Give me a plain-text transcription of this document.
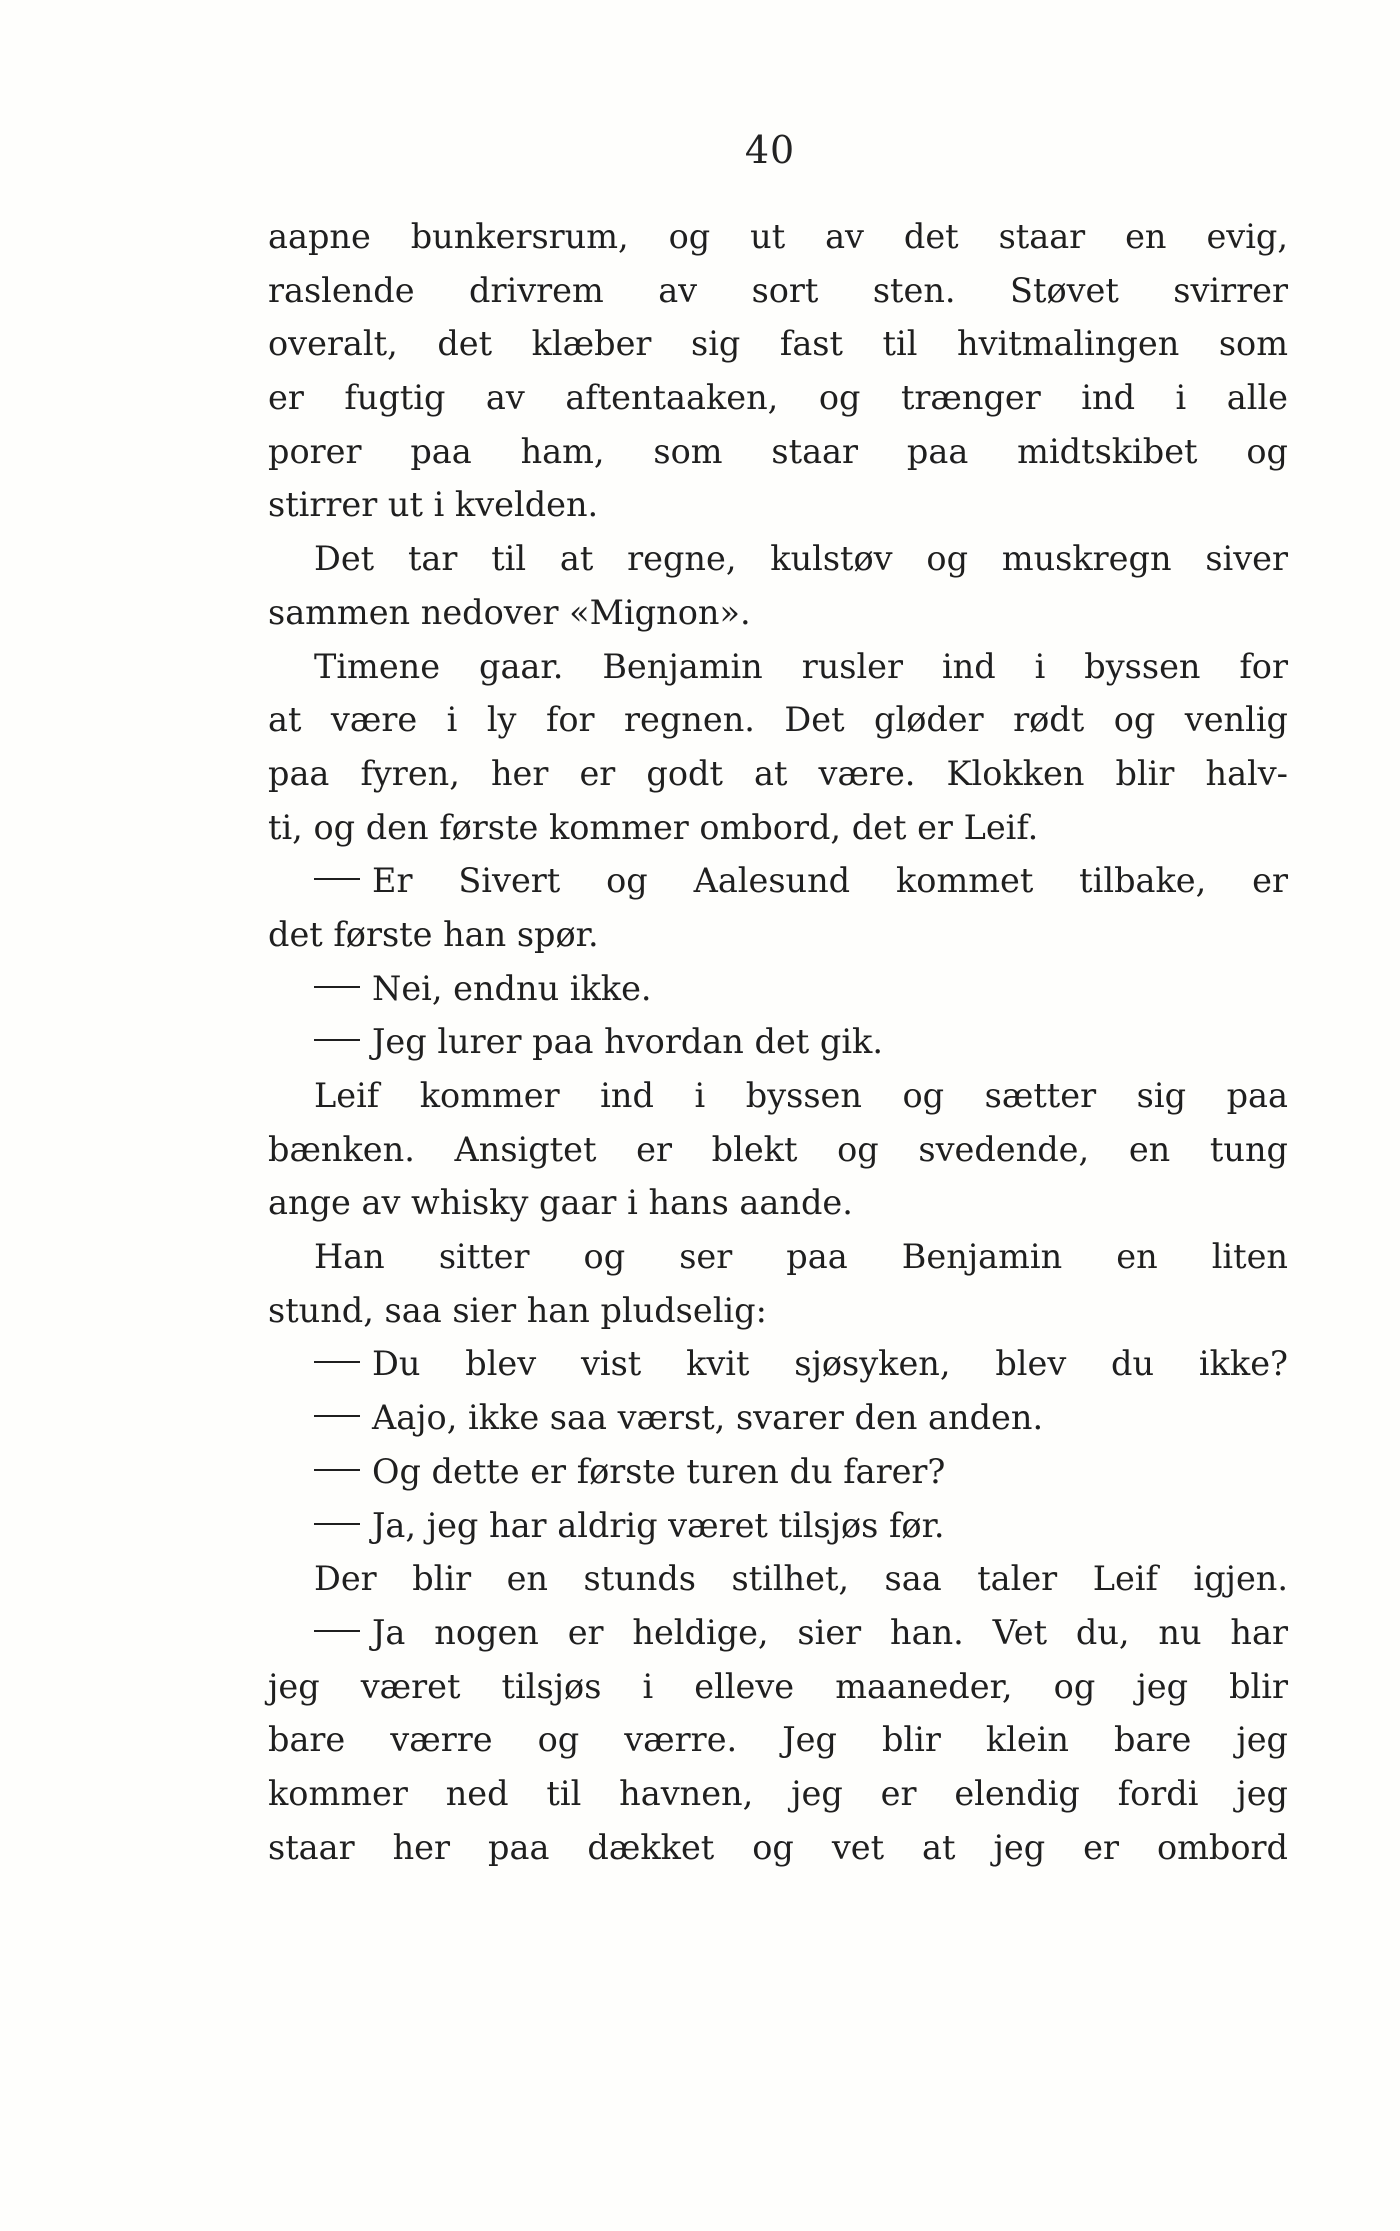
40
aapne bunkersrum, og ut av det staar en evig,
raslende drivrem av sort sten. Støvet svirrer
overalt, det klæber sig fast til hvitmalingen som
er fugtig av aftentaaken, og trænger ind i alle
porer paa ham, som staar paa midtskibet og
stirrer ut i kvelden.
Det tar til at regne, kulstøv og muskregn siver
sammen nedover «Mignon».
Timene gaar. Benjamin rusler ind i byssen for
at være i ly for regnen. Det gløder rødt og venlig
paa fyren, her er godt at være. Klokken blir halv-
ti, og den første kommer ombord, det er Leif.
Er Sivert og Aalesund kommet tilbake, er
det første han spør.
Nei, endnu ikke.
Jeg lurer paa hvordan det gik.
Leif kommer ind i byssen og sætter sig paa
bænken. Ansigtet er blekt og svedende, en tung
ange av whisky gaar i hans aande.
Han sitter og ser paa Benjamin en liten
stund, saa sier han pludselig:
Du blev vist kvit sjøsyken, blev du ikke?
Aajo, ikke saa værst, svarer den anden.
Og dette er første turen du farer?
Ja, jeg har aldrig været tilsjøs før.
Der blir en stunds stilhet, saa taler Leif igjen.
Ja nogen er heldige, sier han. Vet du, nu har
jeg været tilsjøs i elleve maaneder, og jeg blir
bare værre og værre. Jeg blir klein bare jeg
kommer ned til havnen, jeg er elendig fordi jeg
staar her paa dækket og vet at jeg er ombord
